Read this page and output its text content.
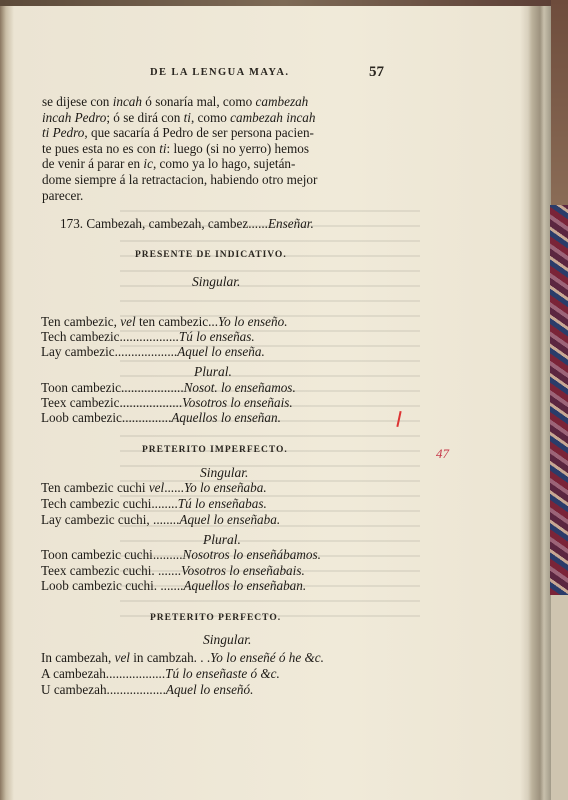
DE LA LENGUA MAYA.	57
se dijese con incah ó sonaría mal, como cambezah
incah Pedro; ó se dirá con ti, como cambezah incah
ti Pedro, que sacaría á Pedro de ser persona pacien-
te pues esta no es con ti: luego (si no yerro) hemos
de venir á parar en ic, como ya lo hago, sujetán-
dome siempre á la retractacion, habiendo otro mejor
parecer.
173. Cambezah, cambezah, cambez......Enseñar.
PRESENTE DE INDICATIVO.
Singular.
Ten cambezic, vel ten cambezic...Yo lo enseño.
Tech cambezic..................Tú lo enseñas.
Lay cambezic...................Aquel lo enseña.
Plural.
Toon cambezic...................Nosot. lo enseñamos.
Teex cambezic...................Vosotros lo enseñais.
Loob cambezic...............Aquellos lo enseñan.
PRETERITO IMPERFECTO.
Singular.
Ten cambezic cuchi vel......Yo lo enseñaba.
Tech cambezic cuchi........Tú lo enseñabas.
Lay cambezic cuchi, ........Aquel lo enseñaba.
Plural.
Toon cambezic cuchi.........Nosotros lo enseñábamos.
Teex cambezic cuchi. .......Vosotros lo enseñabais.
Loob cambezic cuchi. .......Aquellos lo enseñaban.
PRETERITO PERFECTO.
Singular.
In cambezah, vel in cambzah. . .Yo lo enseñé ó he &c.
A cambezah..................Tú lo enseñaste ó &c.
U cambezah..................Aquel lo enseñó.
47
